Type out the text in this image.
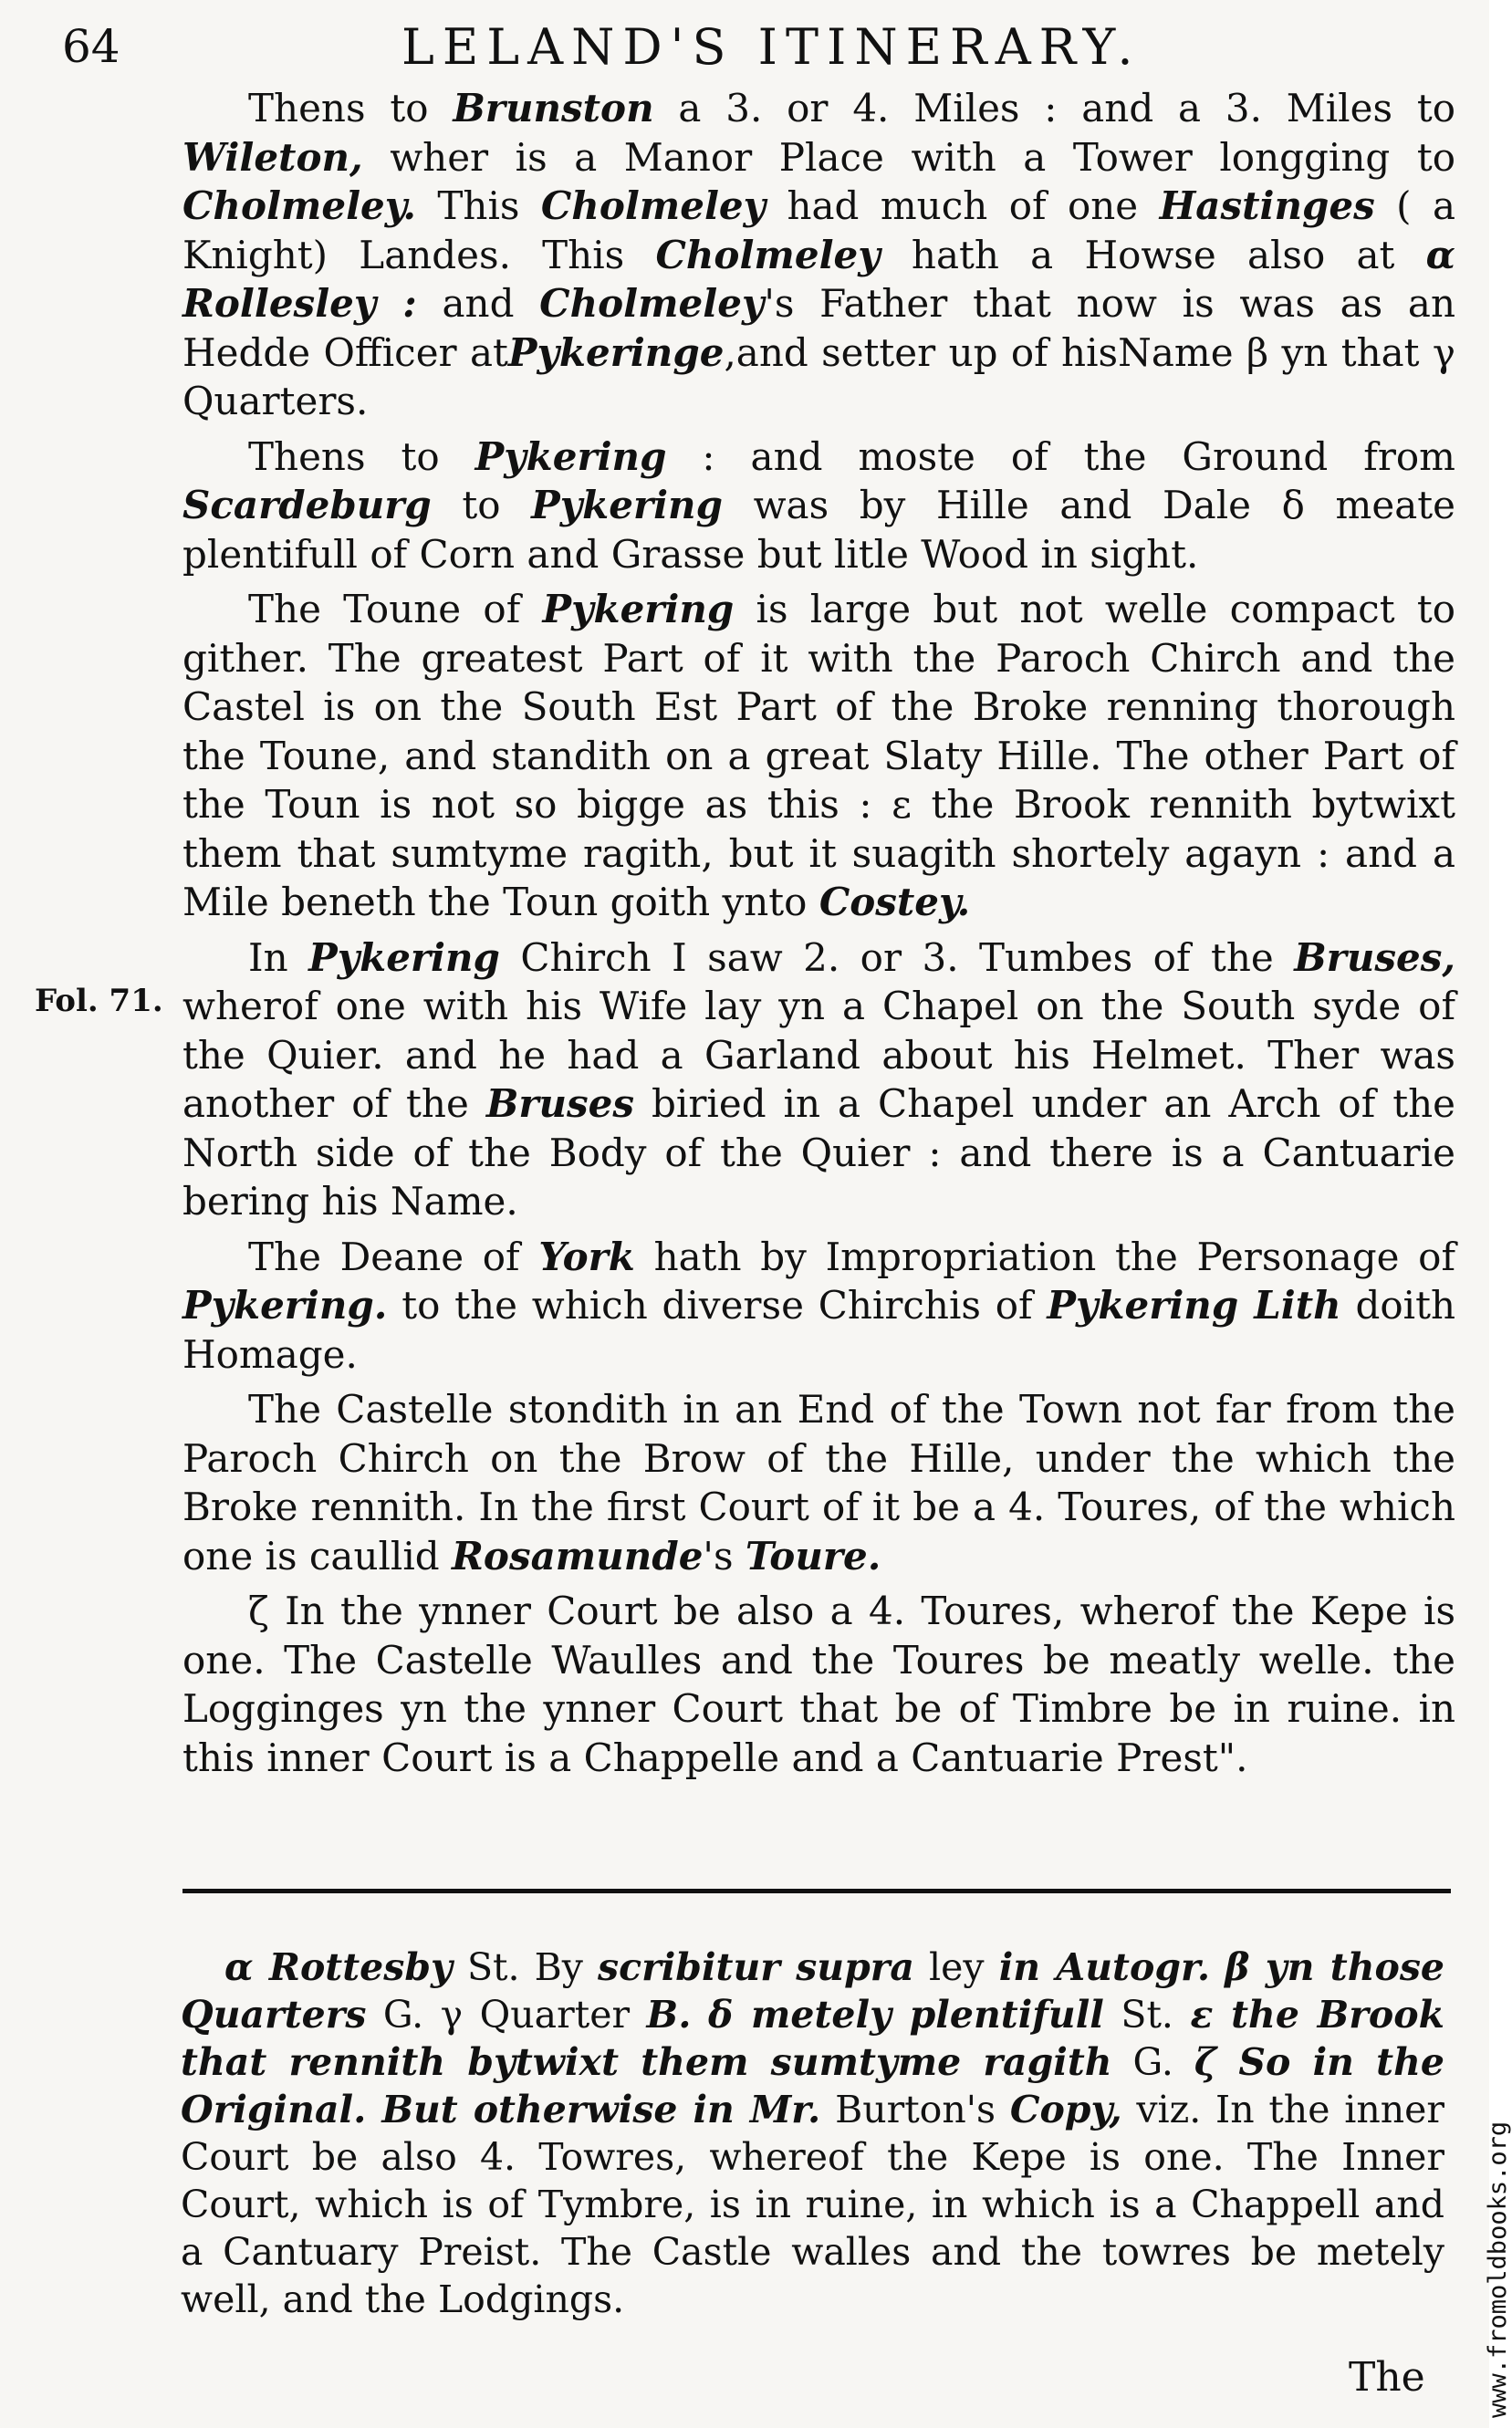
64	LELAND'S ITINERARY.
Fol. 71.

Thens to Brunston a 3. or 4. Miles : and a 3. Miles to Wileton, wher is a Manor Place with a Tower longging to Cholmeley. This Cholmeley had much of one Hastinges ( a Knight) Landes. This Cholmeley hath a Howse also at α Rollesley : and Cholmeley's Father that now is was as an Hedde Officer atPykeringe,and setter up of hisName β yn that γ Quarters.

Thens to Pykering : and moste of the Ground from Scardeburg to Pykering was by Hille and Dale δ meate plentifull of Corn and Grasse but litle Wood in sight.

The Toune of Pykering is large but not welle compact to gither. The greatest Part of it with the Paroch Chirch and the Castel is on the South Est Part of the Broke renning thorough the Toune, and standith on a great Slaty Hille. The other Part of the Toun is not so bigge as this : ε the Brook rennith bytwixt them that sumtyme ragith, but it suagith shortely agayn : and a Mile beneth the Toun goith ynto Costey.

In Pykering Chirch I saw 2. or 3. Tumbes of the Bruses, wherof one with his Wife lay yn a Chapel on the South syde of the Quier. and he had a Garland about his Helmet. Ther was another of the Bruses biried in a Chapel under an Arch of the North side of the Body of the Quier : and there is a Cantuarie bering his Name.

The Deane of York hath by Impropriation the Personage of Pykering. to the which diverse Chirchis of Pykering Lith doith Homage.

The Castelle stondith in an End of the Town not far from the Paroch Chirch on the Brow of the Hille, under the which the Broke rennith. In the first Court of it be a 4. Toures, of the which one is caullid Rosamunde's Toure.

ζ In the ynner Court be also a 4. Toures, wherof the Kepe is one. The Castelle Waulles and the Toures be meatly welle. the Logginges yn the ynner Court that be of Timbre be in ruine. in this inner Court is a Chappelle and a Cantuarie Prest".

α Rottesby St. By scribitur supra ley in Autogr. β yn those Quarters G. γ Quarter B. δ metely plentifull St. ε the Brook that rennith bytwixt them sumtyme ragith G. ζ So in the Original. But otherwise in Mr. Burton's Copy, viz. In the inner Court be also 4. Towres, whereof the Kepe is one. The Inner Court, which is of Tymbre, is in ruine, in which is a Chappell and a Cantuary Preist. The Castle walles and the towres be metely well, and the Lodgings.

The www.fromoldbooks.org
